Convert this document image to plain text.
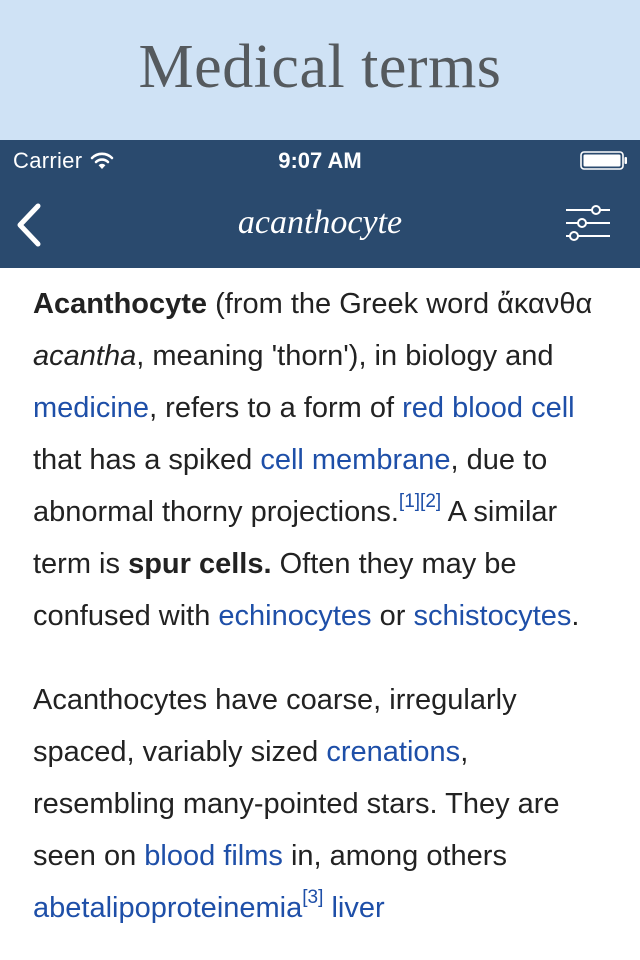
Medical terms
Carrier	9:07 AM
acanthocyte

Acanthocyte (from the Greek word ἄκανθα acantha, meaning 'thorn'), in biology and medicine, refers to a form of red blood cell that has a spiked cell membrane, due to abnormal thorny projections.[1][2] A similar term is spur cells. Often they may be confused with echinocytes or schistocytes.

Acanthocytes have coarse, irregularly spaced, variably sized crenations, resembling many-pointed stars. They are seen on blood films in, among others abetalipoproteinemia[3] liver
